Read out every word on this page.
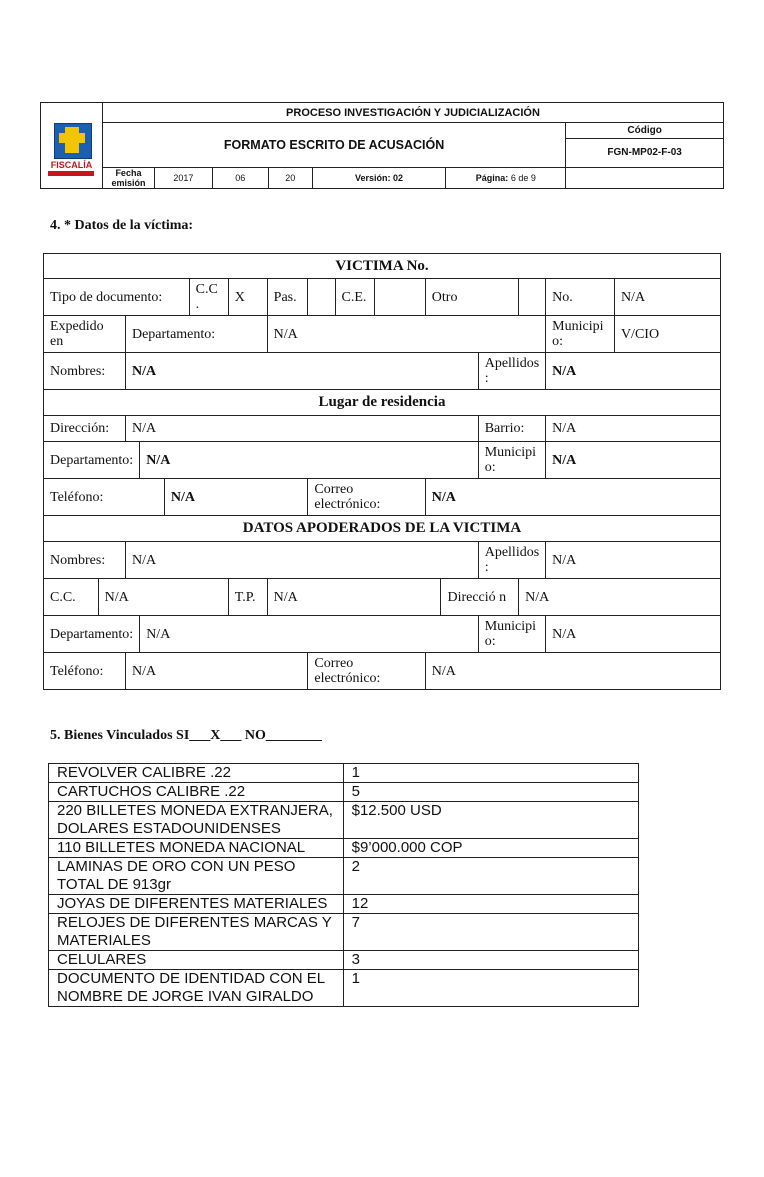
FISCALÍA	PROCESO INVESTIGACIÓN Y JUDICIALIZACIÓN						
	FORMATO ESCRITO DE ACUSACIÓN						Código
FGN-MP02-F-03

	Fecha emisión	2017	06	20	Versión: 02	Página: 6 de 9	
4. * Datos de la víctima:
VICTIMA No.																
Tipo de documento:					C.C .	X	Pas.		C.E.		Otro				No.	N/A
Expedido en		Departamento:					N/A								Municipi o:	V/CIO
Nombres:		N/A											Apellidos :		N/A	
Lugar de residencia																
Dirección:		N/A											Barrio:		N/A	
Departamento:			N/A										Municipi o:		N/A	
Teléfono:				N/A				Correo electrónico:			N/A					
DATOS APODERADOS DE LA VICTIMA																
Nombres:		N/A											Apellidos :		N/A	
C.C.	N/A					T.P.	N/A					Direcció n		N/A		
Departamento:			N/A										Municipi o:		N/A	
Teléfono:		N/A						Correo electrónico:			N/A					
5. Bienes Vinculados SI___X___ NO________
REVOLVER CALIBRE .22	1
CARTUCHOS CALIBRE .22	5
220 BILLETES MONEDA EXTRANJERA, DOLARES ESTADOUNIDENSES	$12.500 USD
110 BILLETES MONEDA NACIONAL	$9’000.000 COP
LAMINAS DE ORO CON UN PESO TOTAL DE 913gr	2
JOYAS DE DIFERENTES MATERIALES	12
RELOJES DE DIFERENTES MARCAS Y MATERIALES	7
CELULARES	3
DOCUMENTO DE IDENTIDAD CON EL NOMBRE DE JORGE IVAN GIRALDO	1
